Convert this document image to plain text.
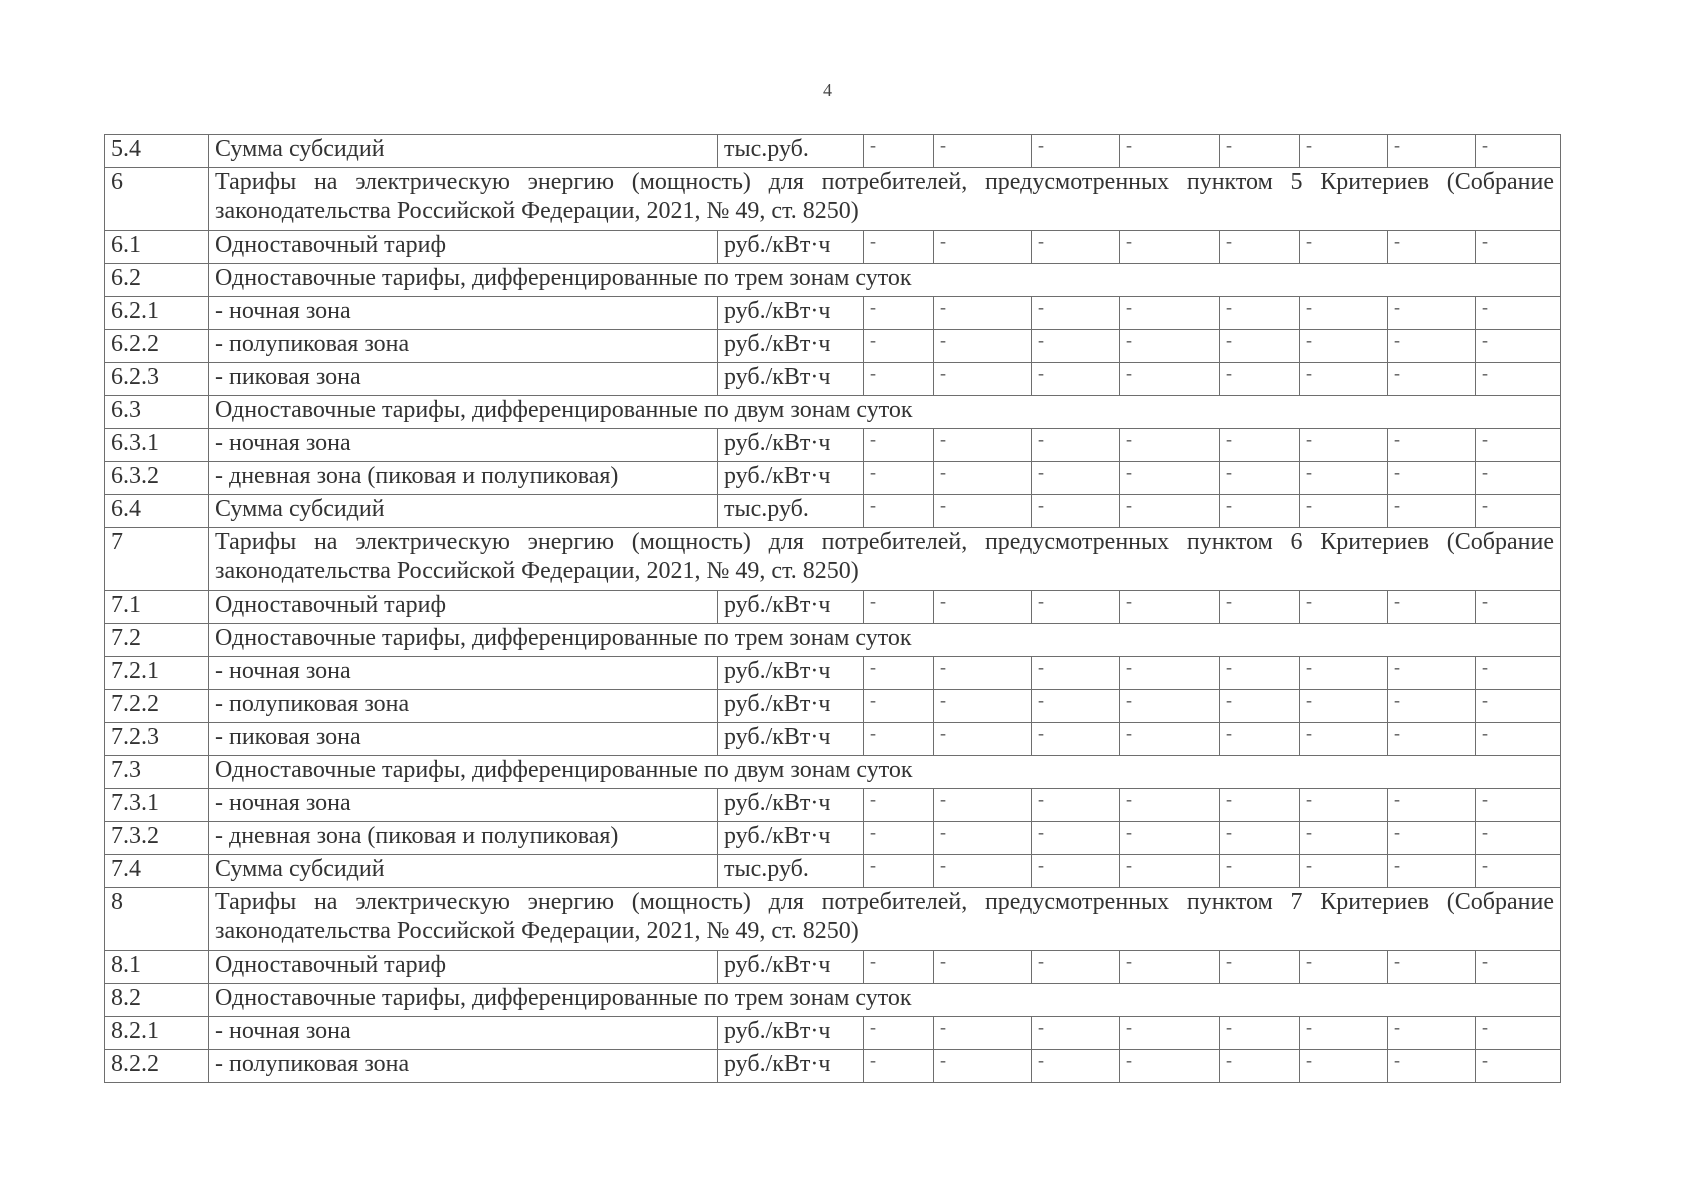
4
5.4	Сумма субсидий	тыс.руб.	-	-	-	-	-	-	-	-
6	Тарифы на электрическую энергию (мощность) для потребителей, предусмотренных пунктом 5 Критериев (Собрание законодательства Российской Федерации, 2021, № 49, ст. 8250)									
6.1	Одноставочный тариф	руб./кВт·ч	-	-	-	-	-	-	-	-
6.2	Одноставочные тарифы, дифференцированные по трем зонам суток									
6.2.1	- ночная зона	руб./кВт·ч	-	-	-	-	-	-	-	-
6.2.2	- полупиковая зона	руб./кВт·ч	-	-	-	-	-	-	-	-
6.2.3	- пиковая зона	руб./кВт·ч	-	-	-	-	-	-	-	-
6.3	Одноставочные тарифы, дифференцированные по двум зонам суток									
6.3.1	- ночная зона	руб./кВт·ч	-	-	-	-	-	-	-	-
6.3.2	- дневная зона (пиковая и полупиковая)	руб./кВт·ч	-	-	-	-	-	-	-	-
6.4	Сумма субсидий	тыс.руб.	-	-	-	-	-	-	-	-
7	Тарифы на электрическую энергию (мощность) для потребителей, предусмотренных пунктом 6 Критериев (Собрание законодательства Российской Федерации, 2021, № 49, ст. 8250)									
7.1	Одноставочный тариф	руб./кВт·ч	-	-	-	-	-	-	-	-
7.2	Одноставочные тарифы, дифференцированные по трем зонам суток									
7.2.1	- ночная зона	руб./кВт·ч	-	-	-	-	-	-	-	-
7.2.2	- полупиковая зона	руб./кВт·ч	-	-	-	-	-	-	-	-
7.2.3	- пиковая зона	руб./кВт·ч	-	-	-	-	-	-	-	-
7.3	Одноставочные тарифы, дифференцированные по двум зонам суток									
7.3.1	- ночная зона	руб./кВт·ч	-	-	-	-	-	-	-	-
7.3.2	- дневная зона (пиковая и полупиковая)	руб./кВт·ч	-	-	-	-	-	-	-	-
7.4	Сумма субсидий	тыс.руб.	-	-	-	-	-	-	-	-
8	Тарифы на электрическую энергию (мощность) для потребителей, предусмотренных пунктом 7 Критериев (Собрание законодательства Российской Федерации, 2021, № 49, ст. 8250)									
8.1	Одноставочный тариф	руб./кВт·ч	-	-	-	-	-	-	-	-
8.2	Одноставочные тарифы, дифференцированные по трем зонам суток									
8.2.1	- ночная зона	руб./кВт·ч	-	-	-	-	-	-	-	-
8.2.2	- полупиковая зона	руб./кВт·ч	-	-	-	-	-	-	-	-
